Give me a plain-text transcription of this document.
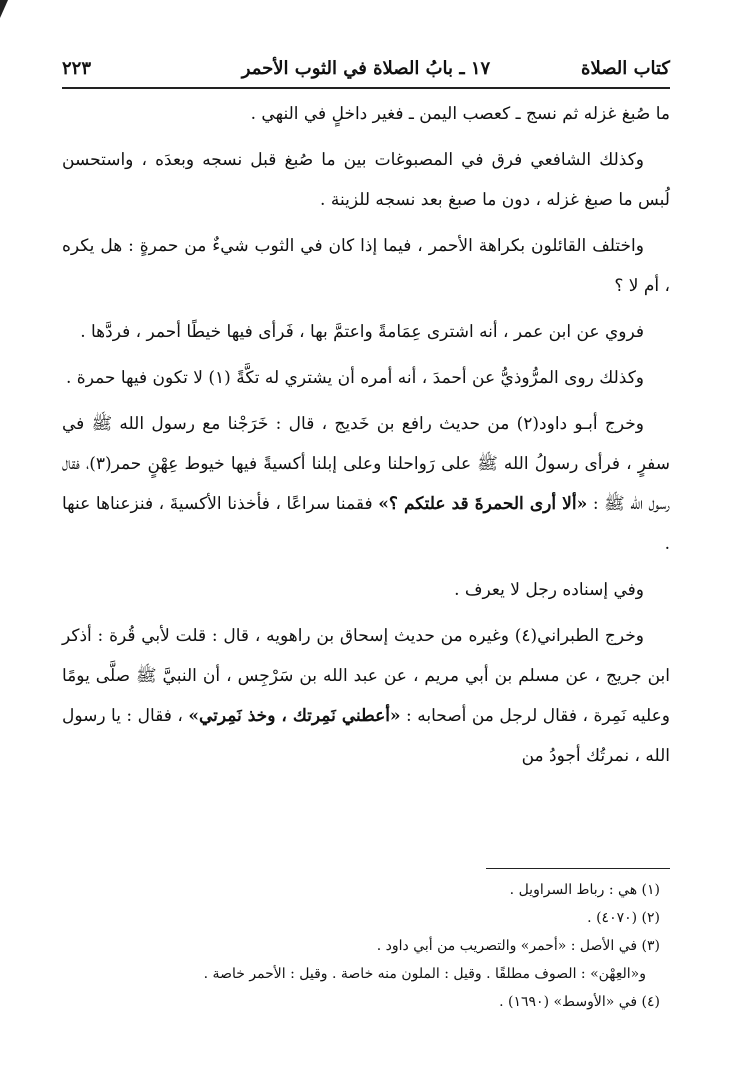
كتاب الصلاة
١٧ ـ بابُ الصلاة في الثوب الأحمر
٢٢٣

ما صُبغ غزله ثم نسج ـ كعصب اليمن ـ فغير داخلٍ في النهي .

وكذلك الشافعي فرق في المصبوغات بين ما صُبغ قبل نسجه وبعدَه ، واستحسن لُبس ما صبغ غزله ، دون ما صبغ بعد نسجه للزينة .

واختلف القائلون بكراهة الأحمر ، فيما إذا كان في الثوب شيءٌ من حمرةٍ : هل يكره ، أم لا ؟

فروي عن ابن عمر ، أنه اشترى عِمَامةً واعتمَّ بها ، فَرأى فيها خيطًا أحمر ، فردَّها .

وكذلك روى المرُّوذيُّ عن أحمدَ ، أنه أمره أن يشتري له تكَّةً (١) لا تكون فيها حمرة .

وخرج أبـو داود(٢) من حديث رافع بن خَديج ، قال : خَرَجْنا مع رسول الله ﷺ في سفرٍ ، فرأى رسولُ الله ﷺ على رَواحلنا وعلى إبلنا أكسيةً فيها خيوط عِهْنٍ حمر(٣)، فقال رسول الله ﷺ : «ألا أرى الحمرةَ قد علتكم ؟» فقمنا سراعًا ، فأخذنا الأكسيةَ ، فنزعناها عنها .

وفي إسناده رجل لا يعرف .

وخرج الطبراني(٤) وغيره من حديث إسحاق بن راهويه ، قال : قلت لأبي قُرة : أذكر ابن جريج ، عن مسلم بن أبي مريم ، عن عبد الله بن سَرْجِس ، أن النبيَّ ﷺ صلَّى يومًا وعليه نَمِرة ، فقال لرجل من أصحابه : «أعطني نَمِرتك ، وخذ نَمِرتي» ، فقال : يا رسول الله ، نمرتُك أجودُ من

(١) هي : رباط السراويل .

(٢) (٤٠٧٠) .

(٣) في الأصل : «أحمر» والتصريب من أبي داود .

و«العِهْن» : الصوف مطلقًا . وقيل : الملون منه خاصة . وقيل : الأحمر خاصة .

(٤) في «الأوسط» (١٦٩٠) .
